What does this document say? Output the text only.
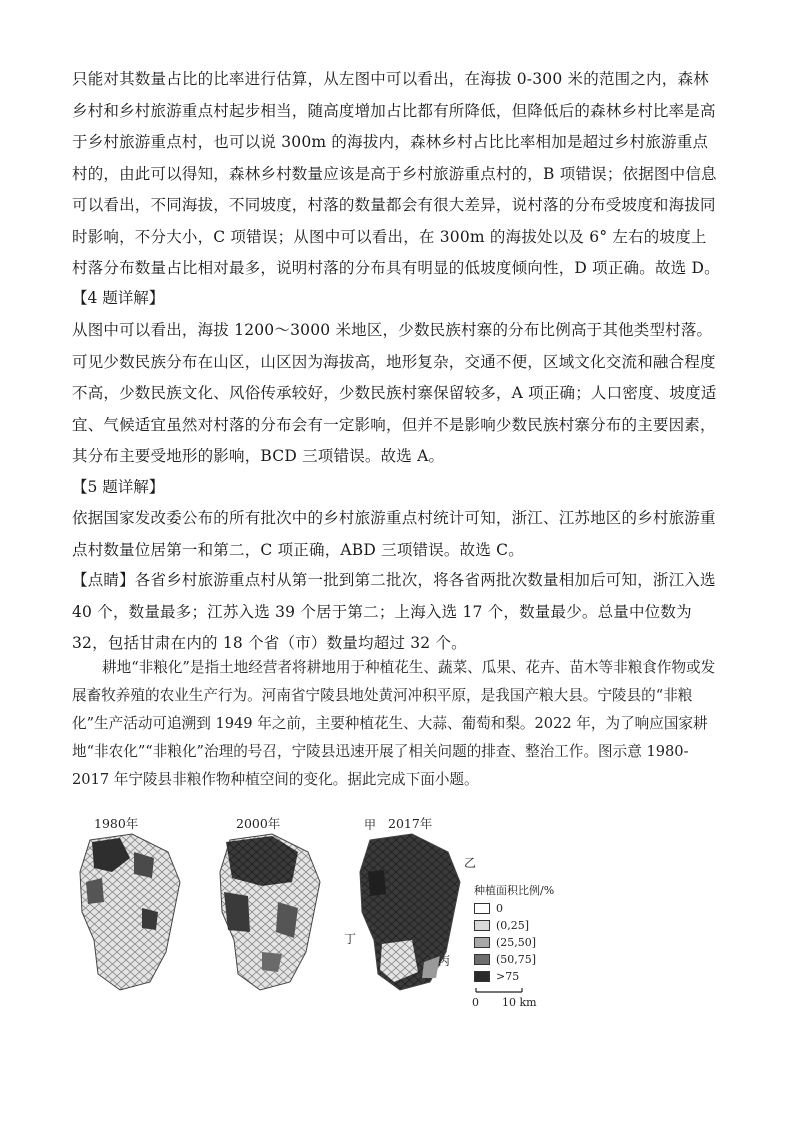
只能对其数量占比的比率进行估算，从左图中可以看出，在海拔 0-300 米的范围之内，森林乡村和乡村旅游重点村起步相当，随高度增加占比都有所降低，但降低后的森林乡村比率是高于乡村旅游重点村，也可以说 300m 的海拔内，森林乡村占比比率相加是超过乡村旅游重点村的，由此可以得知，森林乡村数量应该是高于乡村旅游重点村的，B 项错误；依据图中信息可以看出，不同海拔，不同坡度，村落的数量都会有很大差异，说村落的分布受坡度和海拔同时影响，不分大小，C 项错误；从图中可以看出，在 300m 的海拔处以及 6° 左右的坡度上村落分布数量占比相对最多，说明村落的分布具有明显的低坡度倾向性，D 项正确。故选 D。

【4 题详解】

从图中可以看出，海拔 1200～3000 米地区，少数民族村寨的分布比例高于其他类型村落。可见少数民族分布在山区，山区因为海拔高，地形复杂，交通不便，区域文化交流和融合程度不高，少数民族文化、风俗传承较好，少数民族村寨保留较多，A 项正确；人口密度、坡度适宜、气候适宜虽然对村落的分布会有一定影响，但并不是影响少数民族村寨分布的主要因素，其分布主要受地形的影响，BCD 三项错误。故选 A。

【5 题详解】

依据国家发改委公布的所有批次中的乡村旅游重点村统计可知，浙江、江苏地区的乡村旅游重点村数量位居第一和第二，C 项正确，ABD 三项错误。故选 C。

【点睛】各省乡村旅游重点村从第一批到第二批次，将各省两批次数量相加后可知，浙江入选 40 个，数量最多；江苏入选 39 个居于第二；上海入选 17 个，数量最少。总量中位数为 32，包括甘肃在内的 18 个省（市）数量均超过 32 个。

耕地“非粮化”是指土地经营者将耕地用于种植花生、蔬菜、瓜果、花卉、苗木等非粮食作物或发展畜牧养殖的农业生产行为。河南省宁陵县地处黄河冲积平原，是我国产粮大县。宁陵县的“非粮化”生产活动可追溯到 1949 年之前，主要种植花生、大蒜、葡萄和梨。2022 年，为了响应国家耕地“非农化”“非粮化”治理的号召，宁陵县迅速开展了相关问题的排查、整治工作。图示意 1980-2017 年宁陵县非粮作物种植空间的变化。据此完成下面小题。

1980年	2000年	2017年
甲
乙
丙
丁
种植面积比例/%
0
(0,25]
(25,50]
(50,75]
>75
0 10 km
